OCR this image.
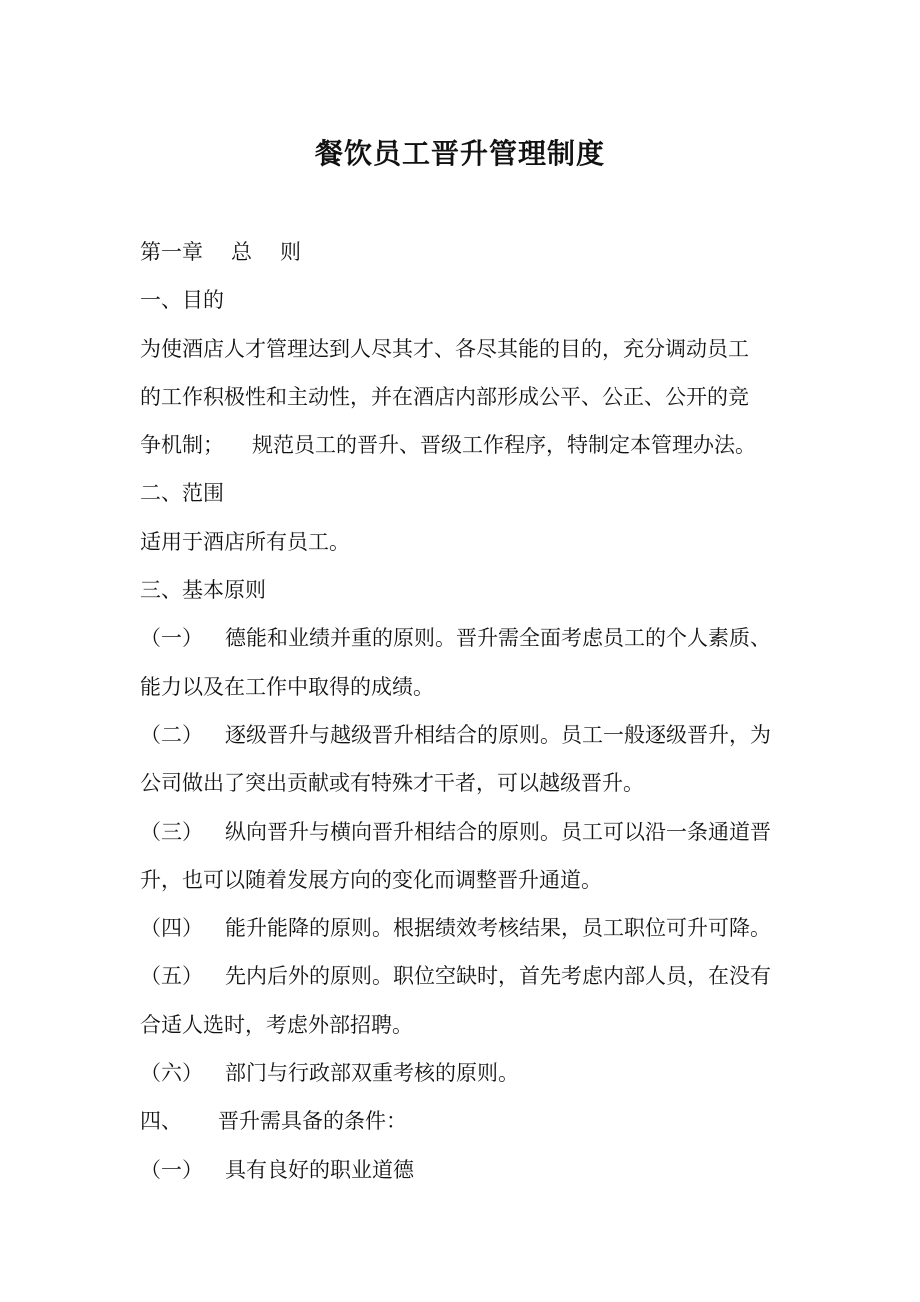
餐饮员工晋升管理制度

第一章 总 则

一、目的

为使酒店人才管理达到人尽其才、各尽其能的目的，充分调动员工

的工作积极性和主动性，并在酒店内部形成公平、公正、公开的竞

争机制； 规范员工的晋升、晋级工作程序，特制定本管理办法。

二、范围

适用于酒店所有员工。

三、基本原则

（一） 德能和业绩并重的原则。晋升需全面考虑员工的个人素质、

能力以及在工作中取得的成绩。

（二） 逐级晋升与越级晋升相结合的原则。员工一般逐级晋升，为

公司做出了突出贡献或有特殊才干者，可以越级晋升。

（三） 纵向晋升与横向晋升相结合的原则。员工可以沿一条通道晋

升，也可以随着发展方向的变化而调整晋升通道。

（四） 能升能降的原则。根据绩效考核结果，员工职位可升可降。

（五） 先内后外的原则。职位空缺时，首先考虑内部人员，在没有

合适人选时，考虑外部招聘。

（六） 部门与行政部双重考核的原则。

四、 晋升需具备的条件：

（一） 具有良好的职业道德
